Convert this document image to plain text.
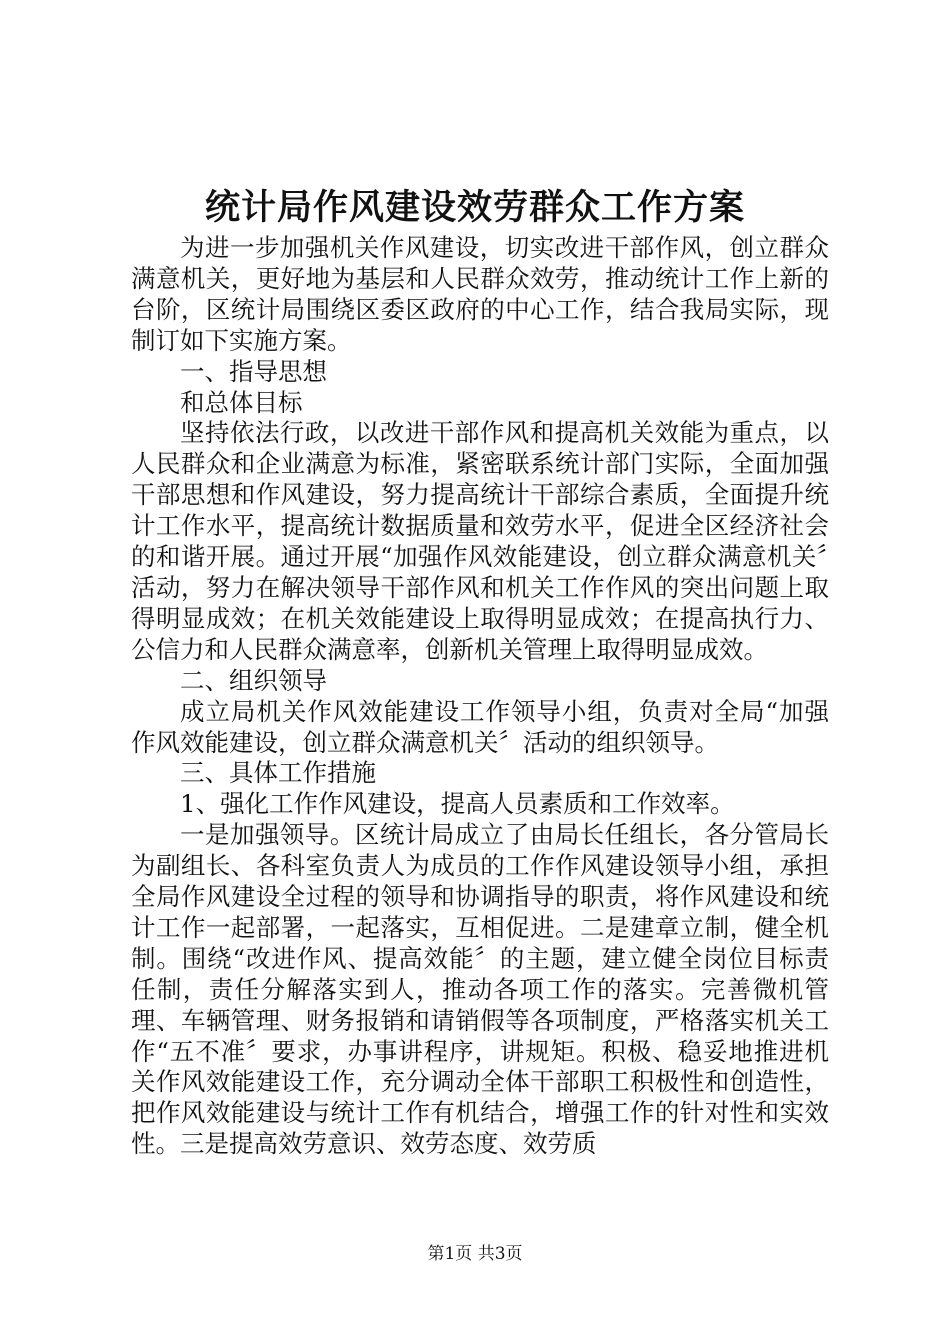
统计局作风建设效劳群众工作方案

为进一步加强机关作风建设，切实改进干部作风，创立群众满意机关，更好地为基层和人民群众效劳，推动统计工作上新的台阶，区统计局围绕区委区政府的中心工作，结合我局实际，现制订如下实施方案。

一、指导思想

和总体目标

坚持依法行政，以改进干部作风和提高机关效能为重点，以人民群众和企业满意为标准，紧密联系统计部门实际，全面加强干部思想和作风建设，努力提高统计干部综合素质，全面提升统计工作水平，提高统计数据质量和效劳水平，促进全区经济社会的和谐开展。通过开展“加强作风效能建设，创立群众满意机关〞活动，努力在解决领导干部作风和机关工作作风的突出问题上取得明显成效；在机关效能建设上取得明显成效；在提高执行力、公信力和人民群众满意率，创新机关管理上取得明显成效。

二、组织领导

成立局机关作风效能建设工作领导小组，负责对全局“加强作风效能建设，创立群众满意机关〞活动的组织领导。

三、具体工作措施

1、强化工作作风建设，提高人员素质和工作效率。

一是加强领导。区统计局成立了由局长任组长，各分管局长为副组长、各科室负责人为成员的工作作风建设领导小组，承担全局作风建设全过程的领导和协调指导的职责，将作风建设和统计工作一起部署，一起落实，互相促进。二是建章立制，健全机制。围绕“改进作风、提高效能〞的主题，建立健全岗位目标责任制，责任分解落实到人，推动各项工作的落实。完善微机管理、车辆管理、财务报销和请销假等各项制度，严格落实机关工作“五不准〞要求，办事讲程序，讲规矩。积极、稳妥地推进机关作风效能建设工作，充分调动全体干部职工积极性和创造性，把作风效能建设与统计工作有机结合，增强工作的针对性和实效性。三是提高效劳意识、效劳态度、效劳质

第1页 共3页
